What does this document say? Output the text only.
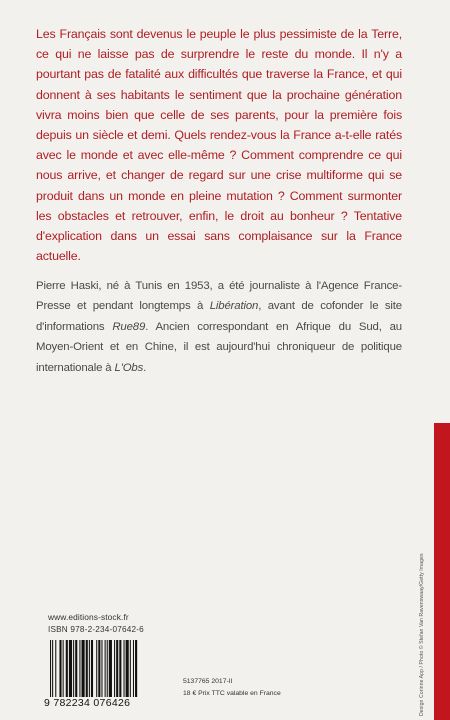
Les Français sont devenus le peuple le plus pessimiste de la Terre, ce qui ne laisse pas de surprendre le reste du monde. Il n'y a pourtant pas de fatalité aux difficultés que traverse la France, et qui donnent à ses habitants le sentiment que la prochaine génération vivra moins bien que celle de ses parents, pour la première fois depuis un siècle et demi. Quels rendez-vous la France a-t-elle ratés avec le monde et avec elle-même ? Comment comprendre ce qui nous arrive, et changer de regard sur une crise multiforme qui se produit dans un monde en pleine mutation ? Comment surmonter les obstacles et retrouver, enfin, le droit au bonheur ? Tentative d'explication dans un essai sans complaisance sur la France actuelle.

Pierre Haski, né à Tunis en 1953, a été journaliste à l'Agence France-Presse et pendant longtemps à Libération, avant de cofonder le site d'informations Rue89. Ancien correspondant en Afrique du Sud, au Moyen-Orient et en Chine, il est aujourd'hui chroniqueur de politique internationale à L'Obs.

Design Corinne App / Photo © Stefan Van Ravenswaay/Getty Images
www.editions-stock.fr
ISBN 978-2-234-07642-6
9 782234 076426
5137765 2017-II
18 € Prix TTC valable en France
